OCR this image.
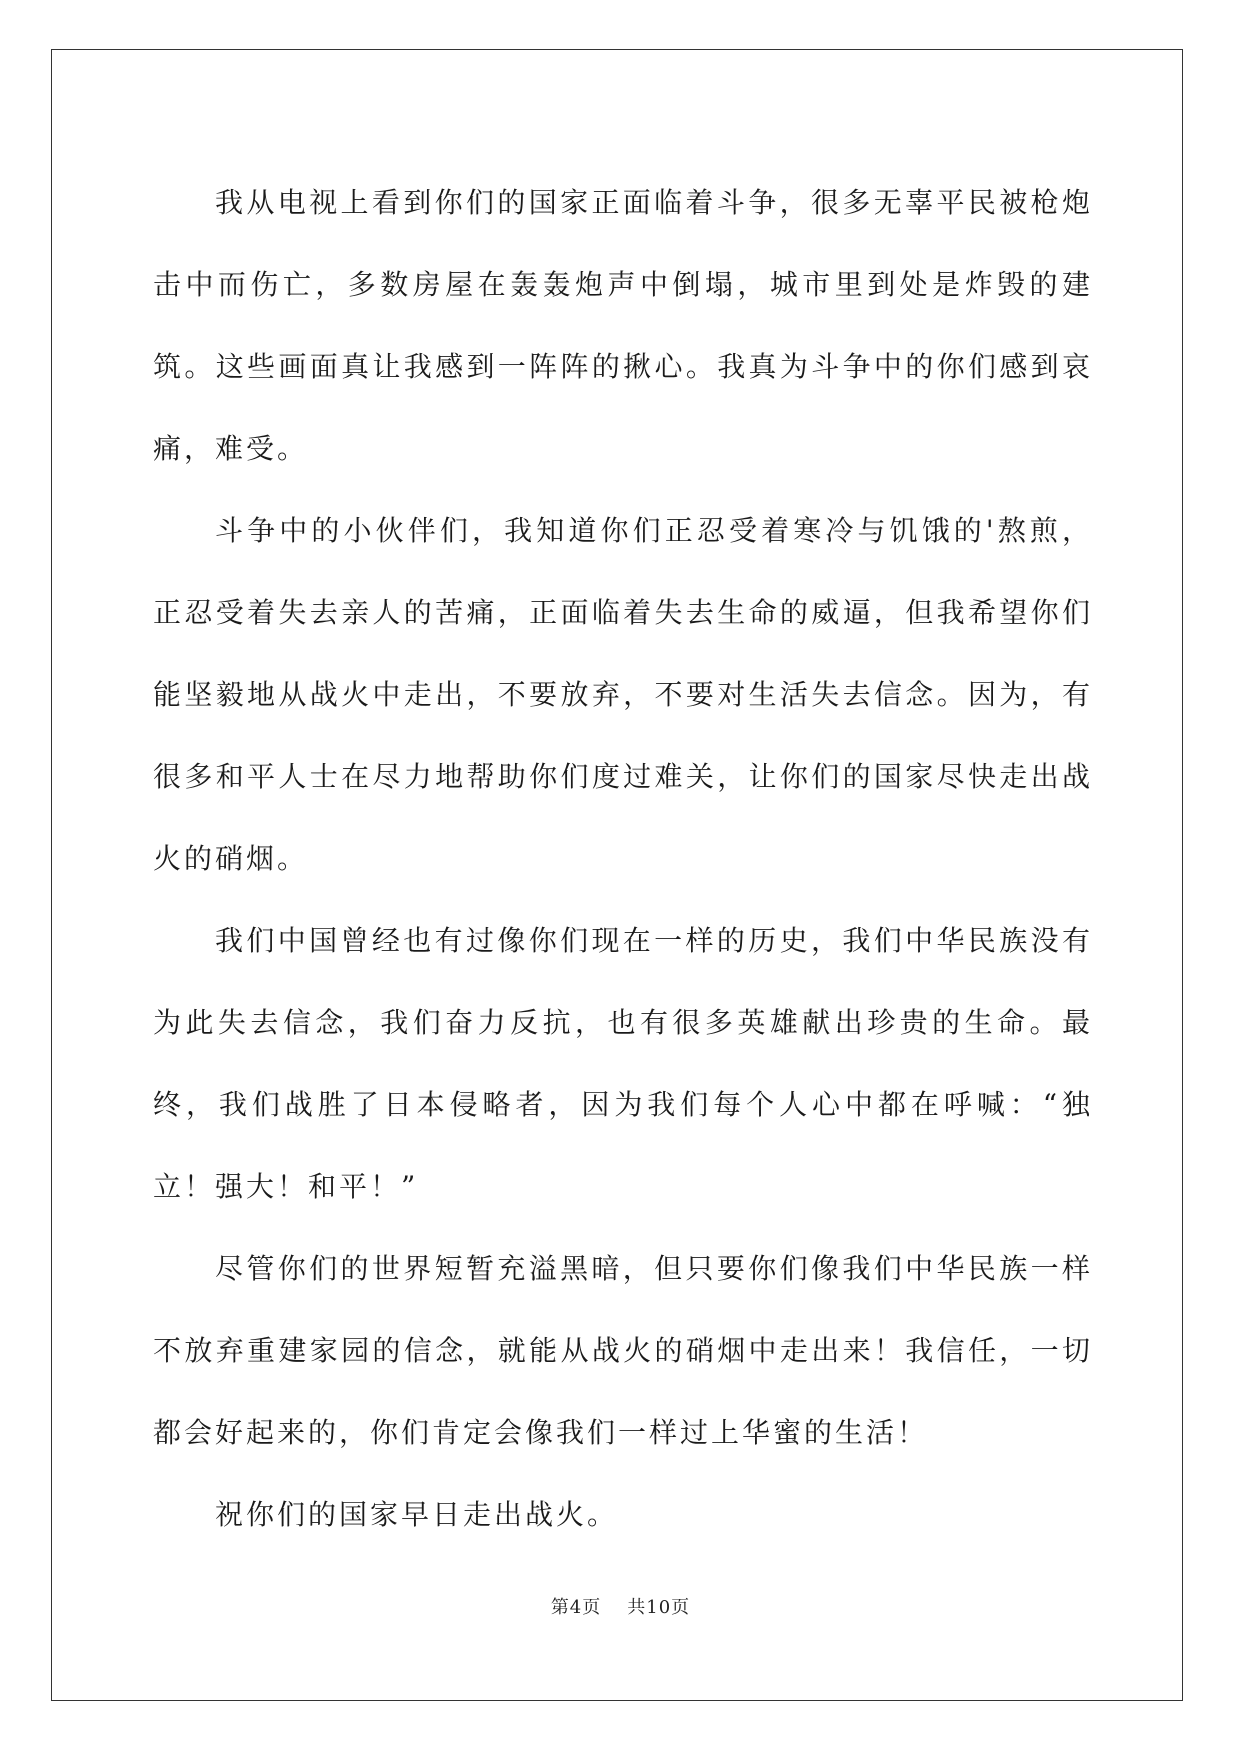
我从电视上看到你们的国家正面临着斗争，很多无辜平民被枪炮击中而伤亡，多数房屋在轰轰炮声中倒塌，城市里到处是炸毁的建筑。这些画面真让我感到一阵阵的揪心。我真为斗争中的你们感到哀痛，难受。

斗争中的小伙伴们，我知道你们正忍受着寒冷与饥饿的'熬煎，正忍受着失去亲人的苦痛，正面临着失去生命的威逼，但我希望你们能坚毅地从战火中走出，不要放弃，不要对生活失去信念。因为，有很多和平人士在尽力地帮助你们度过难关，让你们的国家尽快走出战火的硝烟。

我们中国曾经也有过像你们现在一样的历史，我们中华民族没有为此失去信念，我们奋力反抗，也有很多英雄献出珍贵的生命。最终，我们战胜了日本侵略者，因为我们每个人心中都在呼喊：“独立！强大！和平！”

尽管你们的世界短暂充溢黑暗，但只要你们像我们中华民族一样不放弃重建家园的信念，就能从战火的硝烟中走出来！我信任，一切都会好起来的，你们肯定会像我们一样过上华蜜的生活！

祝你们的国家早日走出战火。

第4页 共10页
